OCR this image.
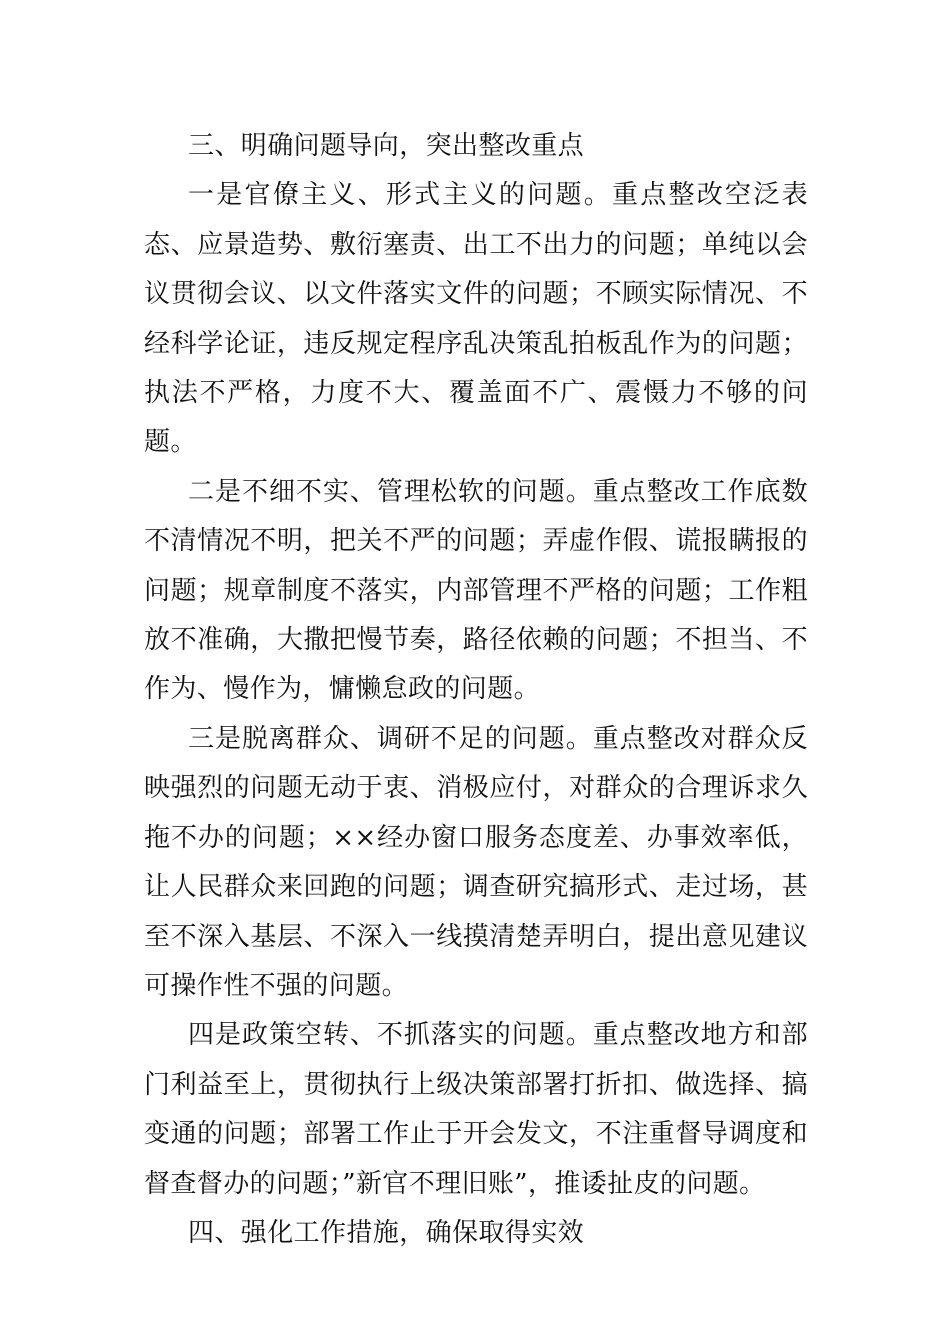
三、明确问题导向，突出整改重点

一是官僚主义、形式主义的问题。重点整改空泛表态、应景造势、敷衍塞责、出工不出力的问题；单纯以会议贯彻会议、以文件落实文件的问题；不顾实际情况、不经科学论证，违反规定程序乱决策乱拍板乱作为的问题；执法不严格，力度不大、覆盖面不广、震慑力不够的问题。

二是不细不实、管理松软的问题。重点整改工作底数不清情况不明，把关不严的问题；弄虚作假、谎报瞒报的问题；规章制度不落实，内部管理不严格的问题；工作粗放不准确，大撒把慢节奏，路径依赖的问题；不担当、不作为、慢作为，慵懒怠政的问题。

三是脱离群众、调研不足的问题。重点整改对群众反映强烈的问题无动于衷、消极应付，对群众的合理诉求久拖不办的问题；××经办窗口服务态度差、办事效率低，让人民群众来回跑的问题；调查研究搞形式、走过场，甚至不深入基层、不深入一线摸清楚弄明白，提出意见建议可操作性不强的问题。

四是政策空转、不抓落实的问题。重点整改地方和部门利益至上，贯彻执行上级决策部署打折扣、做选择、搞变通的问题；部署工作止于开会发文，不注重督导调度和督查督办的问题；”新官不理旧账”，推诿扯皮的问题。

四、强化工作措施，确保取得实效
